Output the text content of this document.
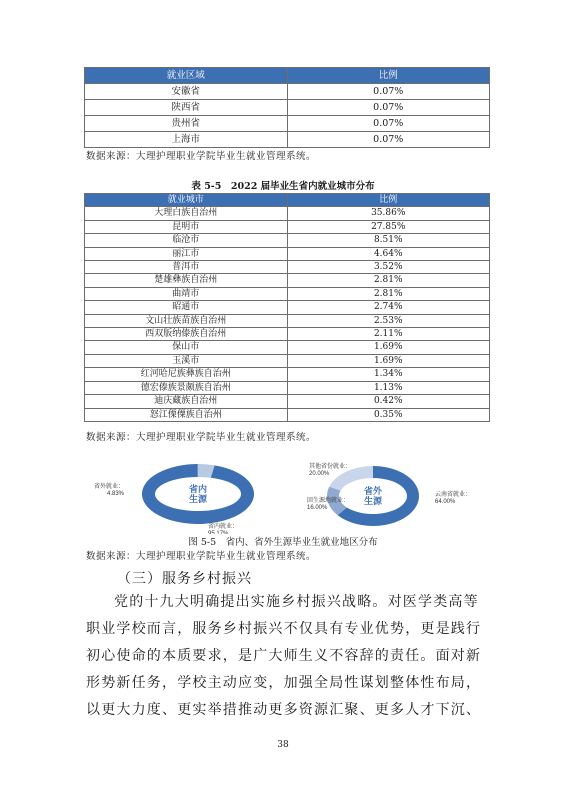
就业区域	比例
安徽省	0.07%
陕西省	0.07%
贵州省	0.07%
上海市	0.07%
数据来源：大理护理职业学院毕业生就业管理系统。
表 5-5　2022 届毕业生省内就业城市分布
就业城市	比例
大理白族自治州	35.86%
昆明市	27.85%
临沧市	8.51%
丽江市	4.64%
普洱市	3.52%
楚雄彝族自治州	2.81%
曲靖市	2.81%
昭通市	2.74%
文山壮族苗族自治州	2.53%
西双版纳傣族自治州	2.11%
保山市	1.69%
玉溪市	1.69%
红河哈尼族彝族自治州	1.34%
德宏傣族景颇族自治州	1.13%
迪庆藏族自治州	0.42%
怒江傈僳族自治州	0.35%
数据来源：大理护理职业学院毕业生就业管理系统。
省内就业：
95.17%
省外就业：
4.83%	省内
生源	云南省就业：
64.00%
回生源地就业：
16.00%
其他省份就业：
20.00%
省外
生源
图 5-5　省内、省外生源毕业生就业地区分布
数据来源：大理护理职业学院毕业生就业管理系统。
（三）服务乡村振兴
党的十九大明确提出实施乡村振兴战略。对医学类高等
职业学校而言，服务乡村振兴不仅具有专业优势，更是践行
初心使命的本质要求，是广大师生义不容辞的责任。面对新
形势新任务，学校主动应变，加强全局性谋划整体性布局，
以更大力度、更实举措推动更多资源汇聚、更多人才下沉、
38
